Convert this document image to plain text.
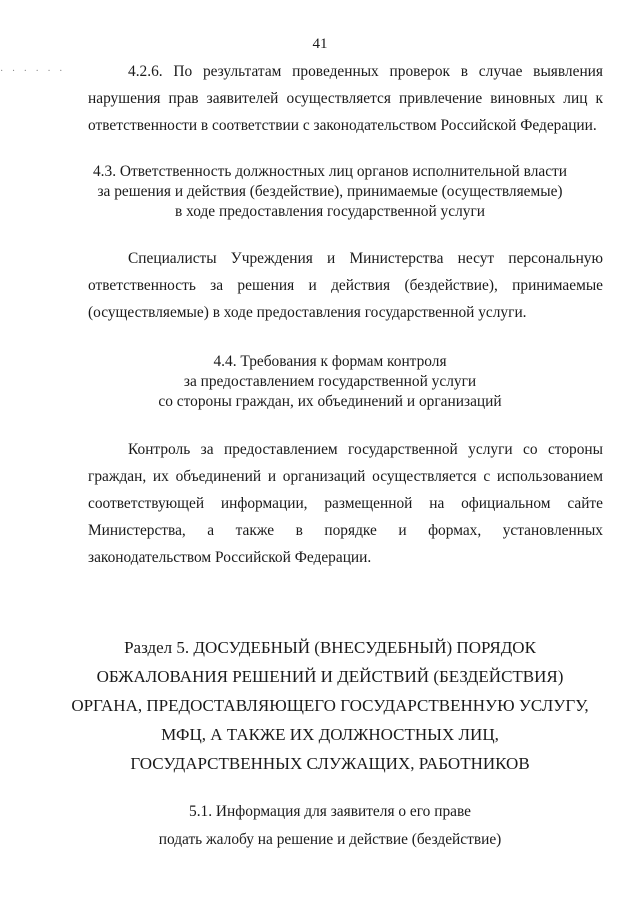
41
· · · · · ·	4.2.6. По результатам проведенных проверок в случае выявления нарушения прав заявителей осуществляется привлечение виновных лиц к ответственности в соответствии с законодательством Российской Федерации.

4.3. Ответственность должностных лиц органов исполнительной власти
за решения и действия (бездействие), принимаемые (осуществляемые)
в ходе предоставления государственной услуги

Специалисты Учреждения и Министерства несут персональную ответственность за решения и действия (бездействие), принимаемые (осуществляемые) в ходе предоставления государственной услуги.

4.4. Требования к формам контроля
за предоставлением государственной услуги
со стороны граждан, их объединений и организаций

Контроль за предоставлением государственной услуги со стороны граждан, их объединений и организаций осуществляется с использованием соответствующей информации, размещенной на официальном сайте Министерства, а также в порядке и формах, установленных законодательством Российской Федерации.

Раздел 5. ДОСУДЕБНЫЙ (ВНЕСУДЕБНЫЙ) ПОРЯДОК
ОБЖАЛОВАНИЯ РЕШЕНИЙ И ДЕЙСТВИЙ (БЕЗДЕЙСТВИЯ)
ОРГАНА, ПРЕДОСТАВЛЯЮЩЕГО ГОСУДАРСТВЕННУЮ УСЛУГУ,
МФЦ, А ТАКЖЕ ИХ ДОЛЖНОСТНЫХ ЛИЦ,
ГОСУДАРСТВЕННЫХ СЛУЖАЩИХ, РАБОТНИКОВ
5.1. Информация для заявителя о его праве
подать жалобу на решение и действие (бездействие)
